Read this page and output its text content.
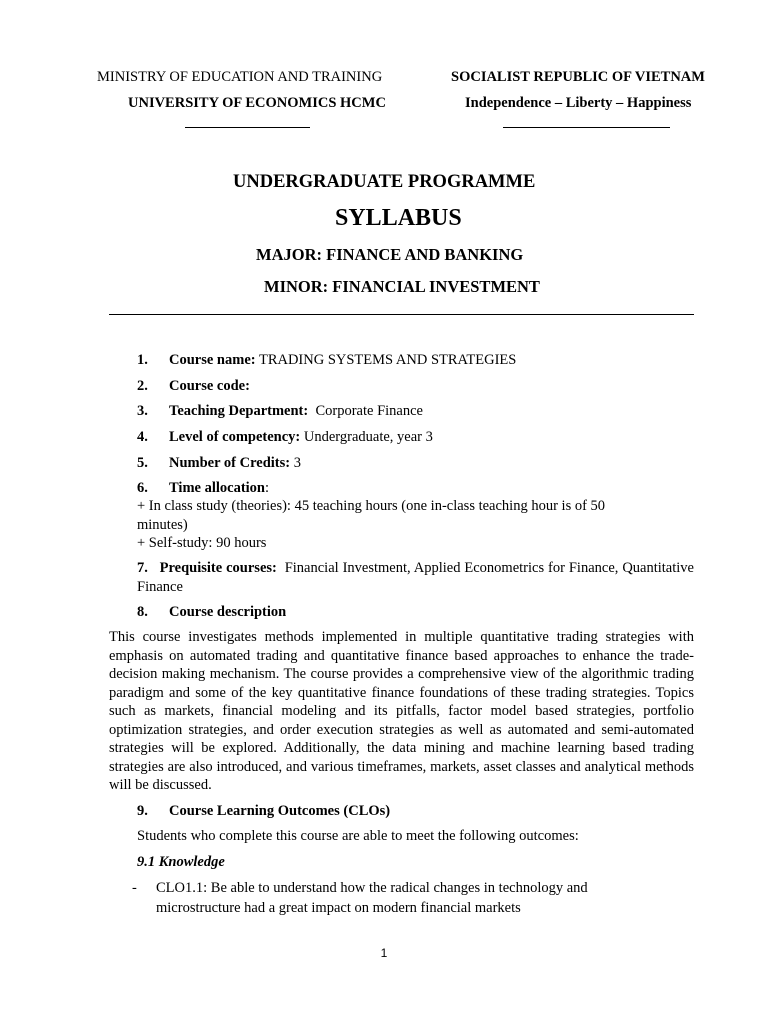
MINISTRY OF EDUCATION AND TRAINING
UNIVERSITY OF ECONOMICS HCMC
SOCIALIST REPUBLIC OF VIETNAM
Independence – Liberty – Happiness
UNDERGRADUATE PROGRAMME
SYLLABUS
MAJOR: FINANCE AND BANKING
MINOR: FINANCIAL INVESTMENT
1. Course name: TRADING SYSTEMS AND STRATEGIES
2. Course code:
3. Teaching Department:  Corporate Finance
4. Level of competency: Undergraduate, year 3
5. Number of Credits: 3
6. Time allocation:
+ In class study (theories): 45 teaching hours (one in-class teaching hour is of 50 minutes)
+ Self-study: 90 hours
7. Prequisite courses: Financial Investment, Applied Econometrics for Finance, Quantitative Finance
8. Course description
This course investigates methods implemented in multiple quantitative trading strategies with emphasis on automated trading and quantitative finance based approaches to enhance the trade-decision making mechanism. The course provides a comprehensive view of the algorithmic trading paradigm and some of the key quantitative finance foundations of these trading strategies. Topics such as markets, financial modeling and its pitfalls, factor model based strategies, portfolio optimization strategies, and order execution strategies as well as automated and semi-automated strategies will be explored. Additionally, the data mining and machine learning based trading strategies are also introduced, and various timeframes, markets, asset classes and analytical methods will be discussed.
9. Course Learning Outcomes (CLOs)
Students who complete this course are able to meet the following outcomes:
9.1 Knowledge
- CLO1.1: Be able to understand how the radical changes in technology and
microstructure had a great impact on modern financial markets
1
